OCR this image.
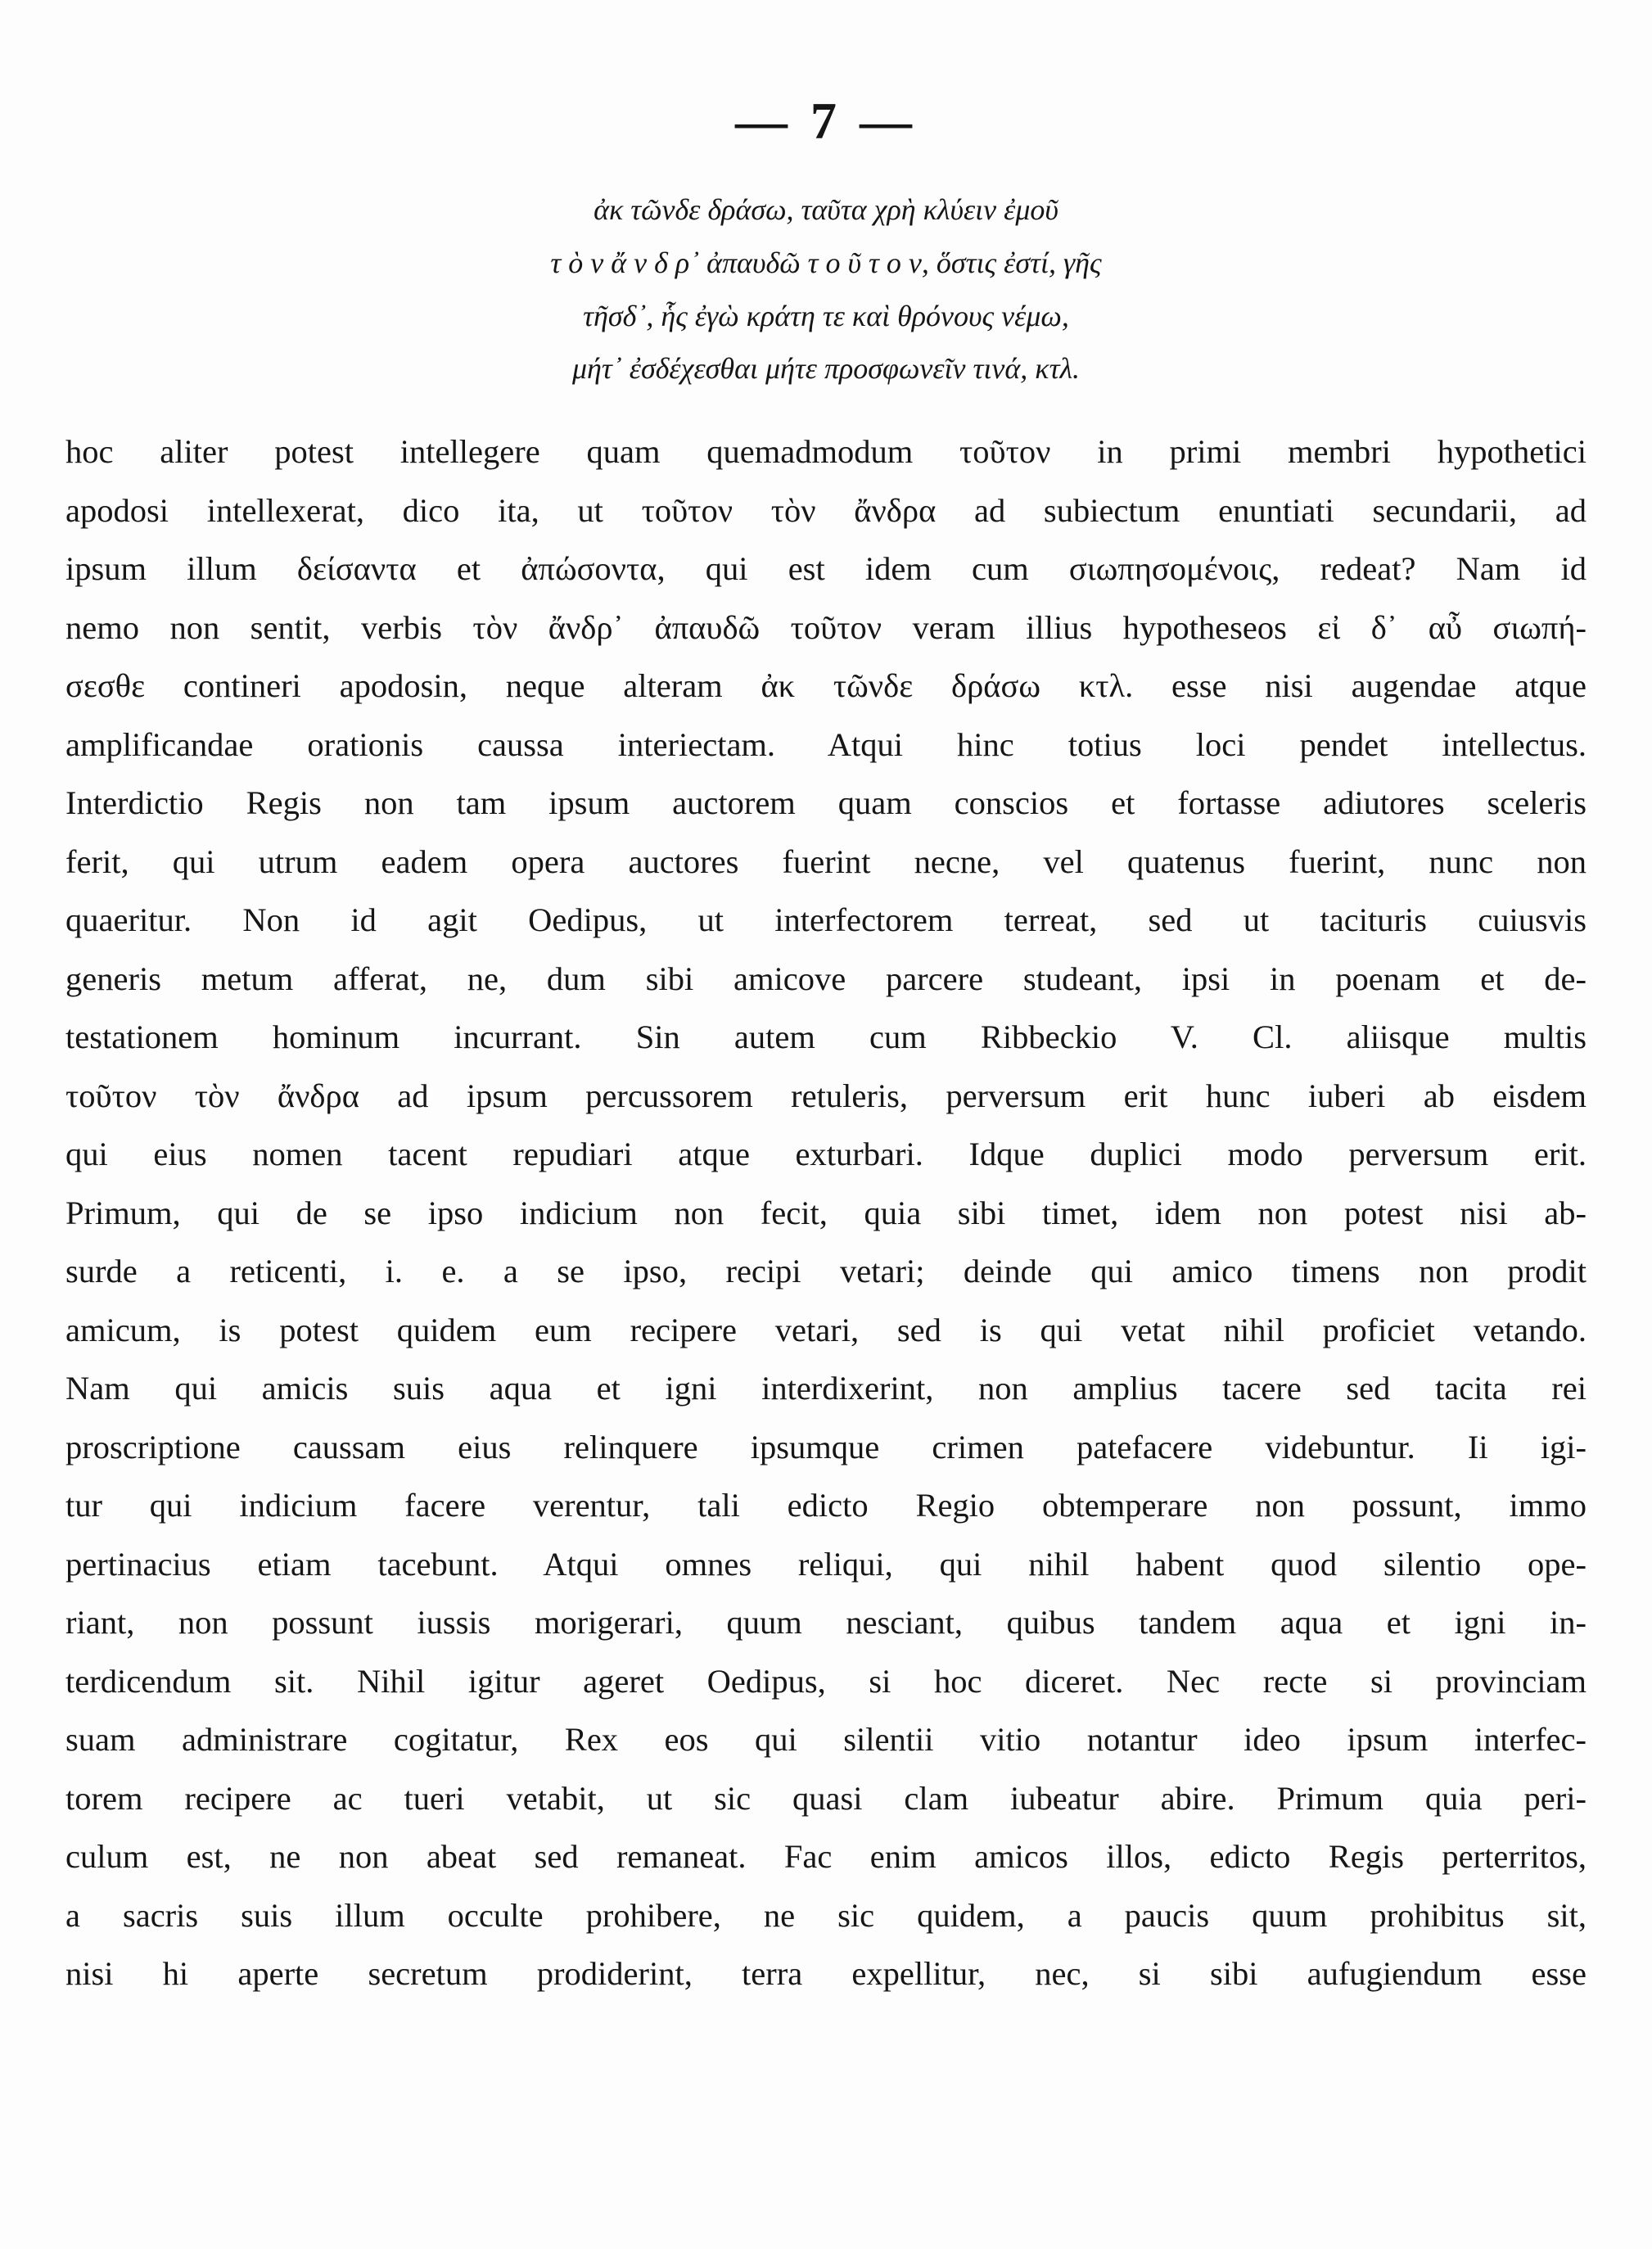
— 7 —
ἀκ τῶνδε δράσω, ταῦτα χρὴ κλύειν ἐμοῦ
τ ὸ ν ἄ ν δ ρ᾽ ἀπαυδῶ τ ο ῦ τ ο ν, ὅστις ἐστί, γῆς
τῆσδ᾽, ἧς ἐγὼ κράτη τε καὶ θρόνους νέμω,
μήτ᾽ ἐσδέχεσθαι μήτε προσφωνεῖν τινά, κτλ.
hoc aliter potest intellegere quam quemadmodum τοῦτον in primi membri hypothetici
apodosi intellexerat, dico ita, ut τοῦτον τὸν ἄνδρα ad subiectum enuntiati secundarii, ad
ipsum illum δείσαντα et ἀπώσοντα, qui est idem cum σιωπησομένοις, redeat? Nam id
nemo non sentit, verbis τὸν ἄνδρ᾽ ἀπαυδῶ τοῦτον veram illius hypotheseos εἰ δ᾽ αὖ σιωπή-
σεσθε contineri apodosin, neque alteram ἀκ τῶνδε δράσω κτλ. esse nisi augendae atque
amplificandae orationis caussa interiectam. Atqui hinc totius loci pendet intellectus.
Interdictio Regis non tam ipsum auctorem quam conscios et fortasse adiutores sceleris
ferit, qui utrum eadem opera auctores fuerint necne, vel quatenus fuerint, nunc non
quaeritur. Non id agit Oedipus, ut interfectorem terreat, sed ut tacituris cuiusvis
generis metum afferat, ne, dum sibi amicove parcere studeant, ipsi in poenam et de-
testationem hominum incurrant. Sin autem cum Ribbeckio V. Cl. aliisque multis
τοῦτον τὸν ἄνδρα ad ipsum percussorem retuleris, perversum erit hunc iuberi ab eisdem
qui eius nomen tacent repudiari atque exturbari. Idque duplici modo perversum erit.
Primum, qui de se ipso indicium non fecit, quia sibi timet, idem non potest nisi ab-
surde a reticenti, i. e. a se ipso, recipi vetari; deinde qui amico timens non prodit
amicum, is potest quidem eum recipere vetari, sed is qui vetat nihil proficiet vetando.
Nam qui amicis suis aqua et igni interdixerint, non amplius tacere sed tacita rei
proscriptione caussam eius relinquere ipsumque crimen patefacere videbuntur. Ii igi-
tur qui indicium facere verentur, tali edicto Regio obtemperare non possunt, immo
pertinacius etiam tacebunt. Atqui omnes reliqui, qui nihil habent quod silentio ope-
riant, non possunt iussis morigerari, quum nesciant, quibus tandem aqua et igni in-
terdicendum sit. Nihil igitur ageret Oedipus, si hoc diceret. Nec recte si provinciam
suam administrare cogitatur, Rex eos qui silentii vitio notantur ideo ipsum interfec-
torem recipere ac tueri vetabit, ut sic quasi clam iubeatur abire. Primum quia peri-
culum est, ne non abeat sed remaneat. Fac enim amicos illos, edicto Regis perterritos,
a sacris suis illum occulte prohibere, ne sic quidem, a paucis quum prohibitus sit,
nisi hi aperte secretum prodiderint, terra expellitur, nec, si sibi aufugiendum esse
